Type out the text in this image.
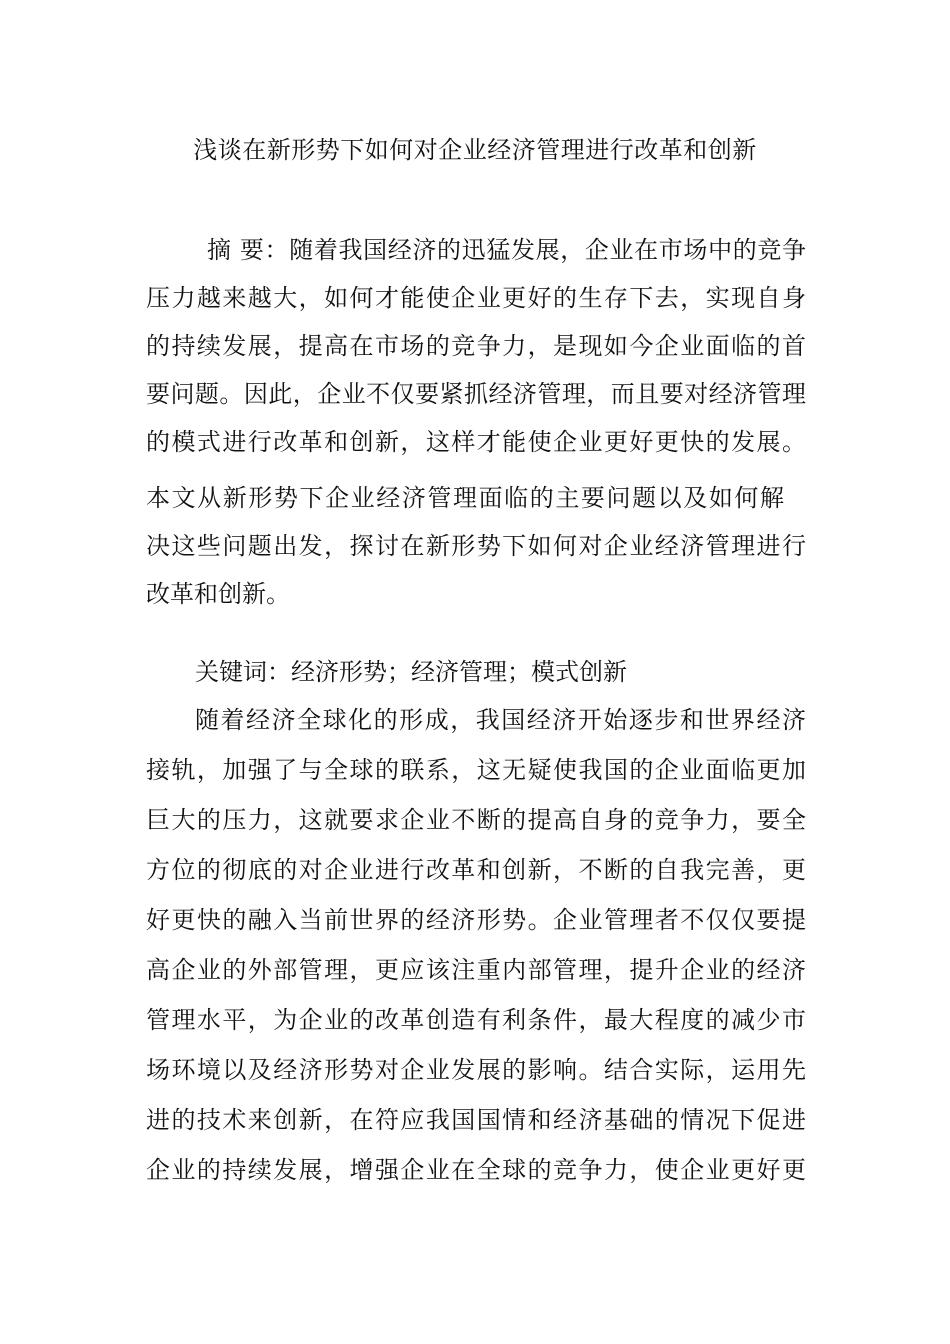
浅谈在新形势下如何对企业经济管理进行改革和创新
摘 要：随着我国经济的迅猛发展，企业在市场中的竞争
压力越来越大，如何才能使企业更好的生存下去，实现自身
的持续发展，提高在市场的竞争力，是现如今企业面临的首
要问题。因此，企业不仅要紧抓经济管理，而且要对经济管理
的模式进行改革和创新，这样才能使企业更好更快的发展。
本文从新形势下企业经济管理面临的主要问题以及如何解
决这些问题出发，探讨在新形势下如何对企业经济管理进行
改革和创新。
关键词：经济形势；经济管理；模式创新
随着经济全球化的形成，我国经济开始逐步和世界经济
接轨，加强了与全球的联系，这无疑使我国的企业面临更加
巨大的压力，这就要求企业不断的提高自身的竞争力，要全
方位的彻底的对企业进行改革和创新，不断的自我完善，更
好更快的融入当前世界的经济形势。企业管理者不仅仅要提
高企业的外部管理，更应该注重内部管理，提升企业的经济
管理水平，为企业的改革创造有利条件，最大程度的减少市
场环境以及经济形势对企业发展的影响。结合实际，运用先
进的技术来创新，在符应我国国情和经济基础的情况下促进
企业的持续发展，增强企业在全球的竞争力，使企业更好更
